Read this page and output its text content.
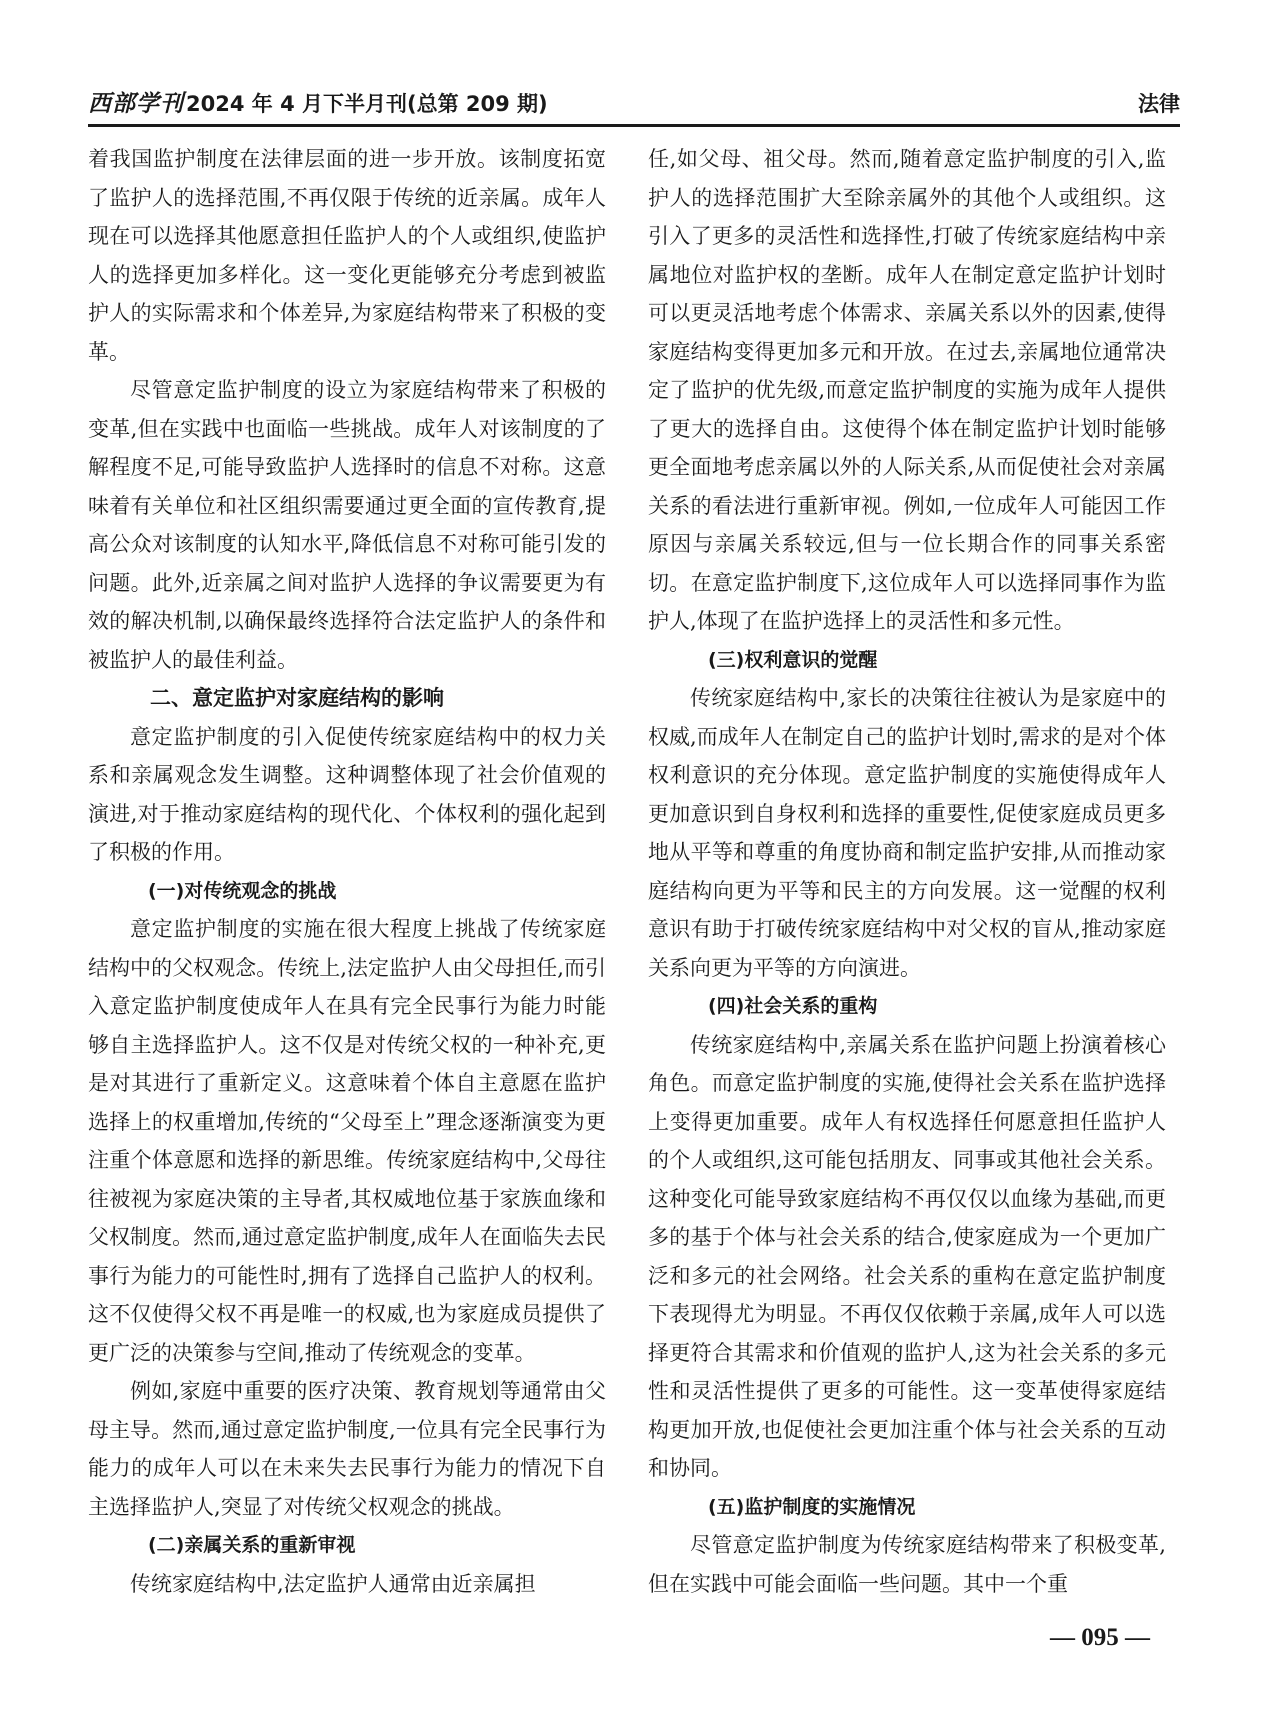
西部学刊 2024 年 4 月下半月刊(总第 209 期)	法律

着我国监护制度在法律层面的进一步开放。该制度拓宽了监护人的选择范围,不再仅限于传统的近亲属。成年人现在可以选择其他愿意担任监护人的个人或组织,使监护人的选择更加多样化。这一变化更能够充分考虑到被监护人的实际需求和个体差异,为家庭结构带来了积极的变革。

尽管意定监护制度的设立为家庭结构带来了积极的变革,但在实践中也面临一些挑战。成年人对该制度的了解程度不足,可能导致监护人选择时的信息不对称。这意味着有关单位和社区组织需要通过更全面的宣传教育,提高公众对该制度的认知水平,降低信息不对称可能引发的问题。此外,近亲属之间对监护人选择的争议需要更为有效的解决机制,以确保最终选择符合法定监护人的条件和被监护人的最佳利益。

二、意定监护对家庭结构的影响

意定监护制度的引入促使传统家庭结构中的权力关系和亲属观念发生调整。这种调整体现了社会价值观的演进,对于推动家庭结构的现代化、个体权利的强化起到了积极的作用。

(一)对传统观念的挑战

意定监护制度的实施在很大程度上挑战了传统家庭结构中的父权观念。传统上,法定监护人由父母担任,而引入意定监护制度使成年人在具有完全民事行为能力时能够自主选择监护人。这不仅是对传统父权的一种补充,更是对其进行了重新定义。这意味着个体自主意愿在监护选择上的权重增加,传统的“父母至上”理念逐渐演变为更注重个体意愿和选择的新思维。传统家庭结构中,父母往往被视为家庭决策的主导者,其权威地位基于家族血缘和父权制度。然而,通过意定监护制度,成年人在面临失去民事行为能力的可能性时,拥有了选择自己监护人的权利。这不仅使得父权不再是唯一的权威,也为家庭成员提供了更广泛的决策参与空间,推动了传统观念的变革。

例如,家庭中重要的医疗决策、教育规划等通常由父母主导。然而,通过意定监护制度,一位具有完全民事行为能力的成年人可以在未来失去民事行为能力的情况下自主选择监护人,突显了对传统父权观念的挑战。

(二)亲属关系的重新审视

传统家庭结构中,法定监护人通常由近亲属担

任,如父母、祖父母。然而,随着意定监护制度的引入,监护人的选择范围扩大至除亲属外的其他个人或组织。这引入了更多的灵活性和选择性,打破了传统家庭结构中亲属地位对监护权的垄断。成年人在制定意定监护计划时可以更灵活地考虑个体需求、亲属关系以外的因素,使得家庭结构变得更加多元和开放。在过去,亲属地位通常决定了监护的优先级,而意定监护制度的实施为成年人提供了更大的选择自由。这使得个体在制定监护计划时能够更全面地考虑亲属以外的人际关系,从而促使社会对亲属关系的看法进行重新审视。例如,一位成年人可能因工作原因与亲属关系较远,但与一位长期合作的同事关系密切。在意定监护制度下,这位成年人可以选择同事作为监护人,体现了在监护选择上的灵活性和多元性。

(三)权利意识的觉醒

传统家庭结构中,家长的决策往往被认为是家庭中的权威,而成年人在制定自己的监护计划时,需求的是对个体权利意识的充分体现。意定监护制度的实施使得成年人更加意识到自身权利和选择的重要性,促使家庭成员更多地从平等和尊重的角度协商和制定监护安排,从而推动家庭结构向更为平等和民主的方向发展。这一觉醒的权利意识有助于打破传统家庭结构中对父权的盲从,推动家庭关系向更为平等的方向演进。

(四)社会关系的重构

传统家庭结构中,亲属关系在监护问题上扮演着核心角色。而意定监护制度的实施,使得社会关系在监护选择上变得更加重要。成年人有权选择任何愿意担任监护人的个人或组织,这可能包括朋友、同事或其他社会关系。这种变化可能导致家庭结构不再仅仅以血缘为基础,而更多的基于个体与社会关系的结合,使家庭成为一个更加广泛和多元的社会网络。社会关系的重构在意定监护制度下表现得尤为明显。不再仅仅依赖于亲属,成年人可以选择更符合其需求和价值观的监护人,这为社会关系的多元性和灵活性提供了更多的可能性。这一变革使得家庭结构更加开放,也促使社会更加注重个体与社会关系的互动和协同。

(五)监护制度的实施情况

尽管意定监护制度为传统家庭结构带来了积极变革,但在实践中可能会面临一些问题。其中一个重

— 095 —
